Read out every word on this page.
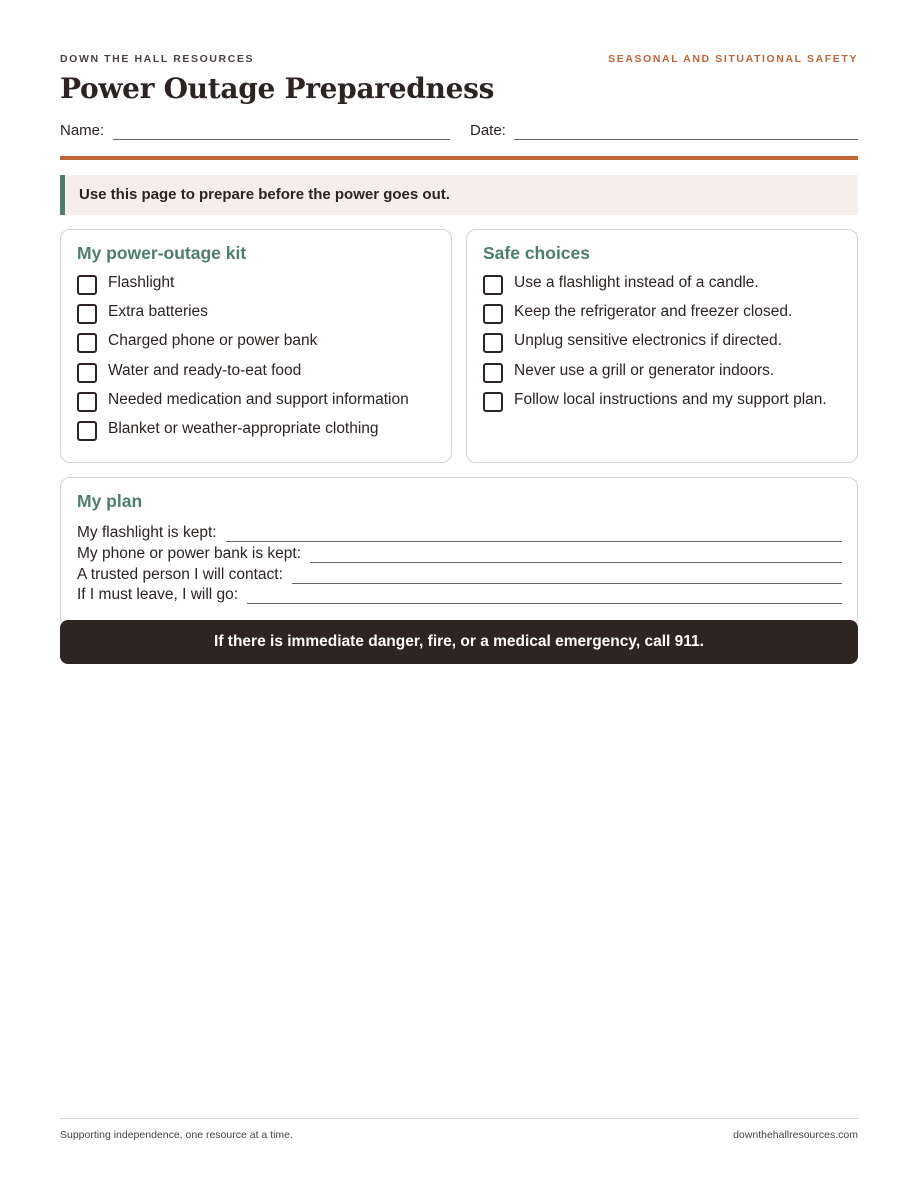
DOWN THE HALL RESOURCES	SEASONAL AND SITUATIONAL SAFETY
Power Outage Preparedness
Name:	Date:
Use this page to prepare before the power goes out.
My power-outage kit
Flashlight
Extra batteries
Charged phone or power bank
Water and ready-to-eat food
Needed medication and support information
Blanket or weather-appropriate clothing
Safe choices
Use a flashlight instead of a candle.
Keep the refrigerator and freezer closed.
Unplug sensitive electronics if directed.
Never use a grill or generator indoors.
Follow local instructions and my support plan.
My plan
My flashlight is kept:
My phone or power bank is kept:
A trusted person I will contact:
If I must leave, I will go:
If there is immediate danger, fire, or a medical emergency, call 911.
Supporting independence, one resource at a time.	downthehallresources.com
